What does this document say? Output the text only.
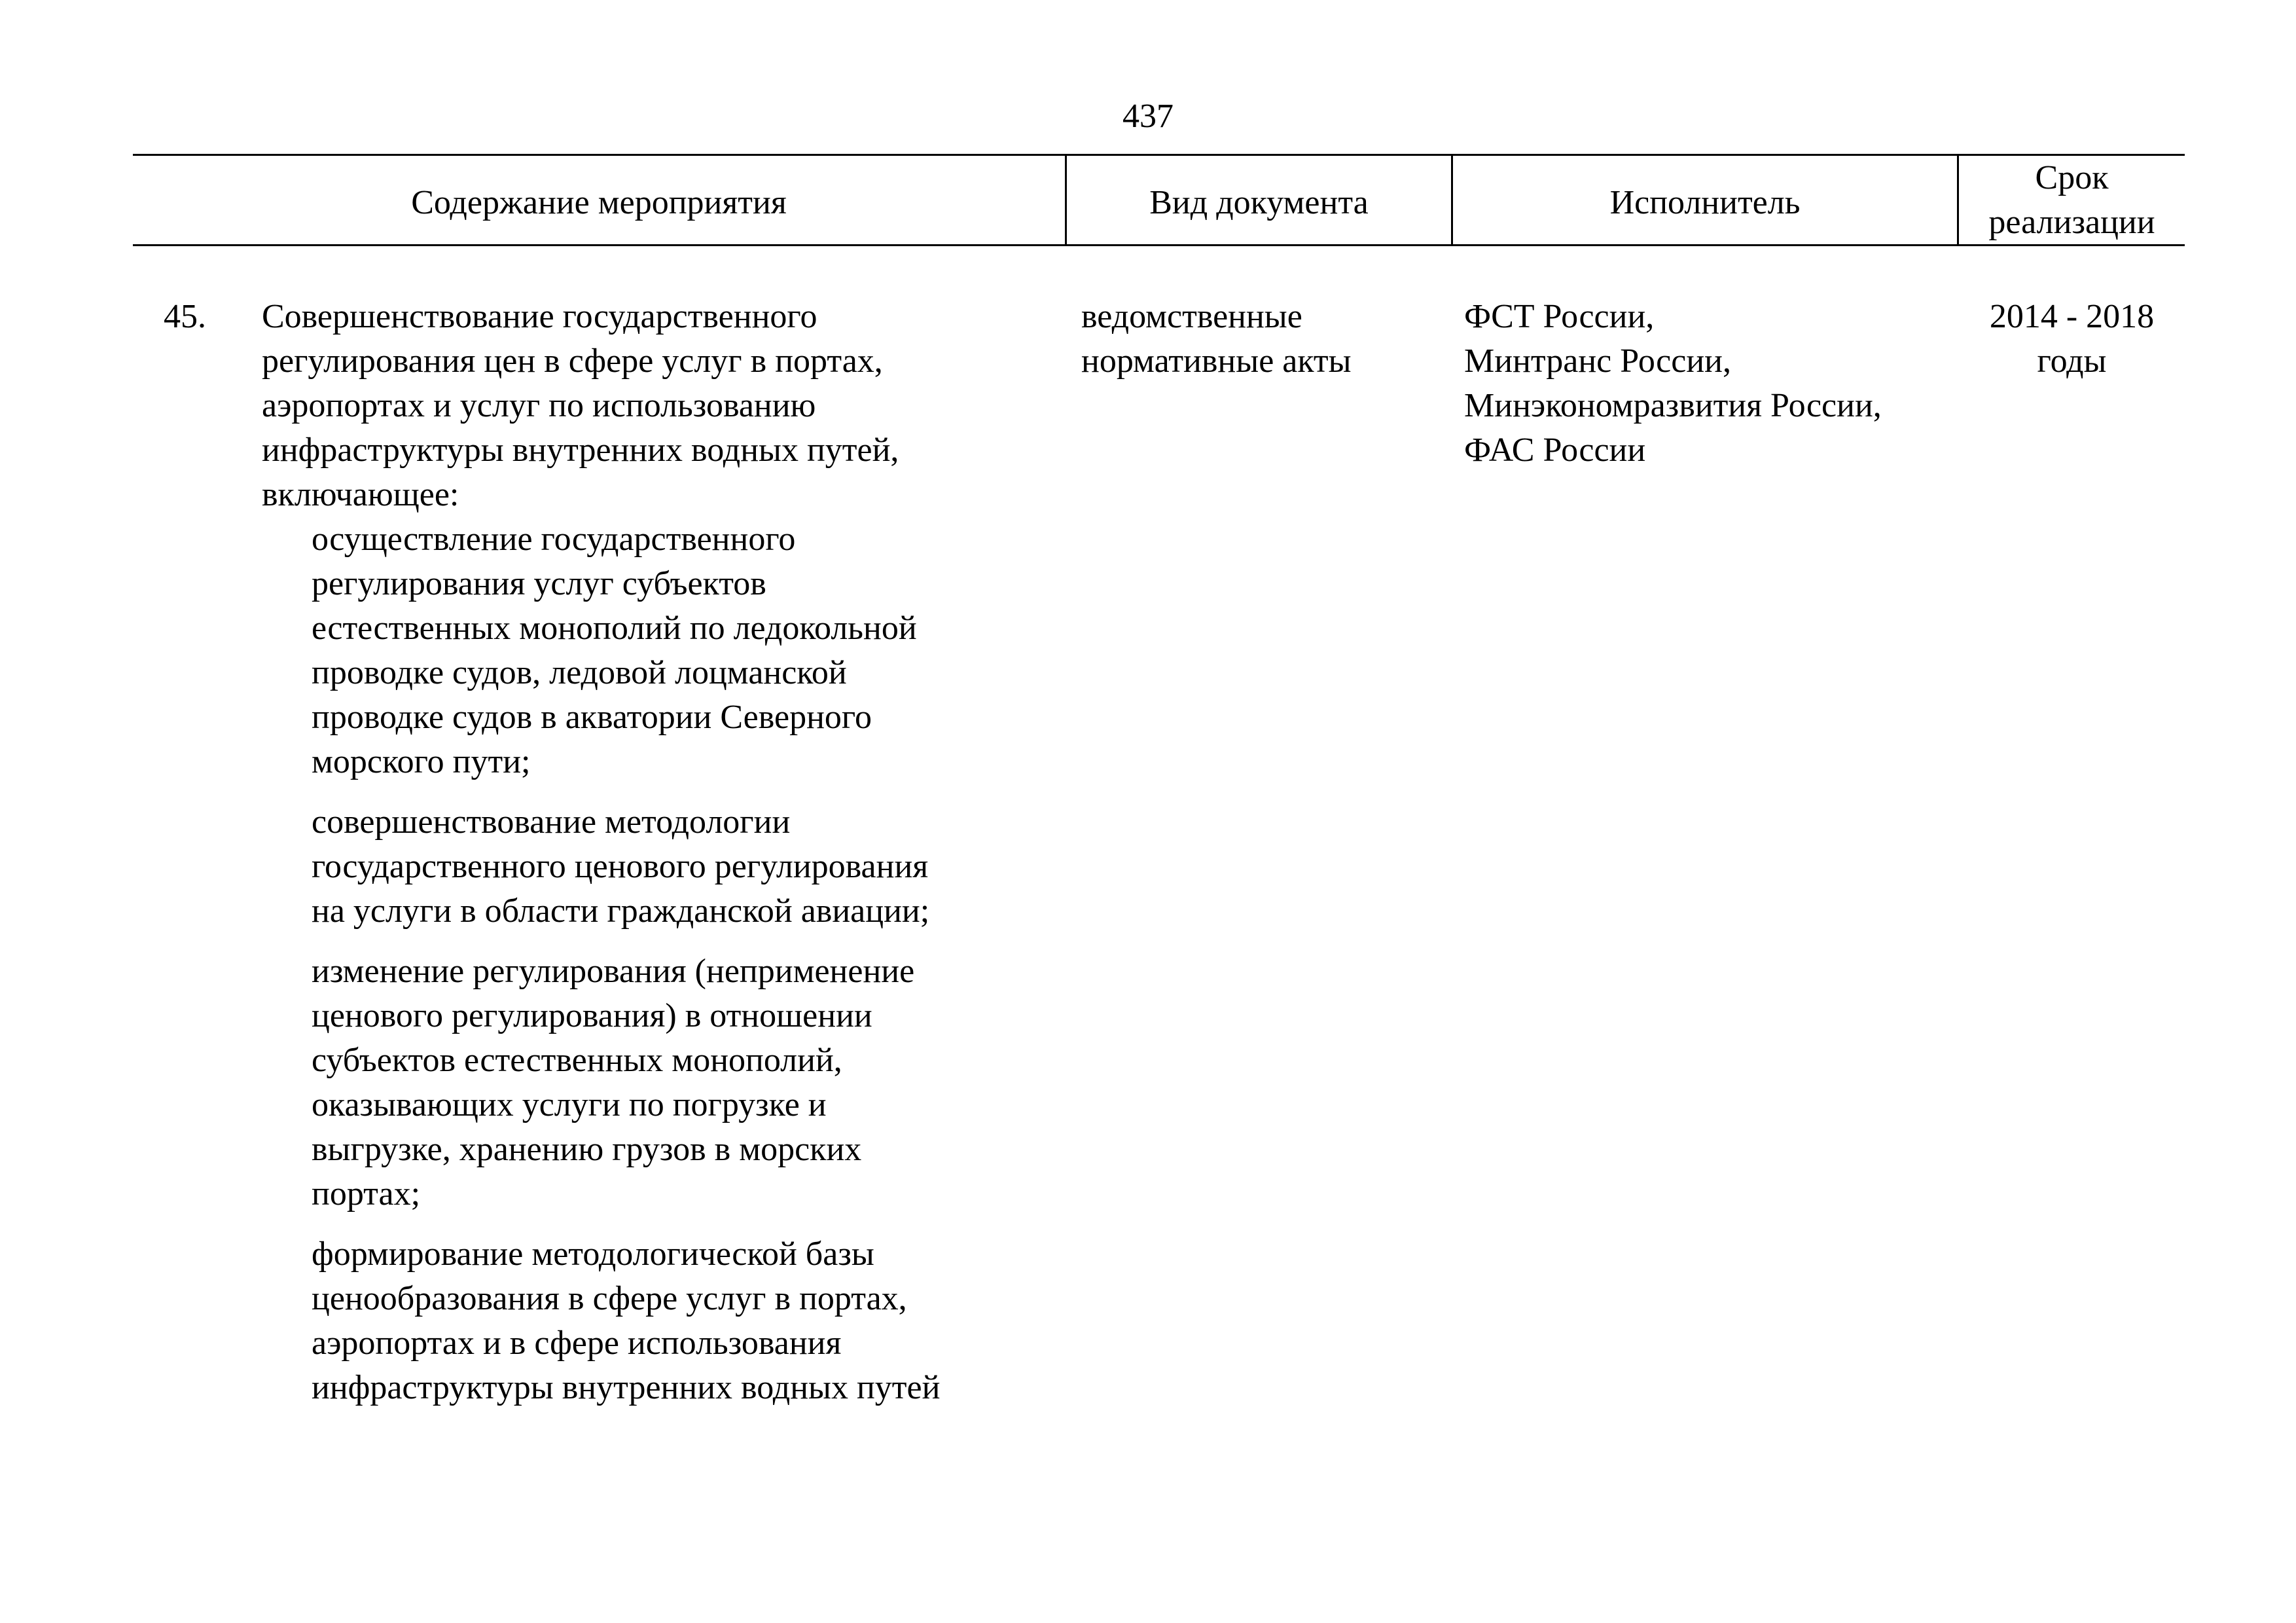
437
Содержание мероприятия	Вид документа	Исполнитель
Срок
реализации
45. Совершенствование государственного
регулирования цен в сфере услуг в портах,
аэропортах и услуг по использованию
инфраструктуры внутренних водных путей,
включающее:
осуществление государственного
регулирования услуг субъектов
естественных монополий по ледокольной
проводке судов, ледовой лоцманской
проводке судов в акватории Северного
морского пути;
совершенствование методологии
государственного ценового регулирования
на услуги в области гражданской авиации;
изменение регулирования (неприменение
ценового регулирования) в отношении
субъектов естественных монополий,
оказывающих услуги по погрузке и
выгрузке, хранению грузов в морских
портах;
формирование методологической базы
ценообразования в сфере услуг в портах,
аэропортах и в сфере использования
инфраструктуры внутренних водных путей
ведомственные
нормативные акты
ФСТ России,
Минтранс России,
Минэкономразвития России,
ФАС России
2014 - 2018
годы
